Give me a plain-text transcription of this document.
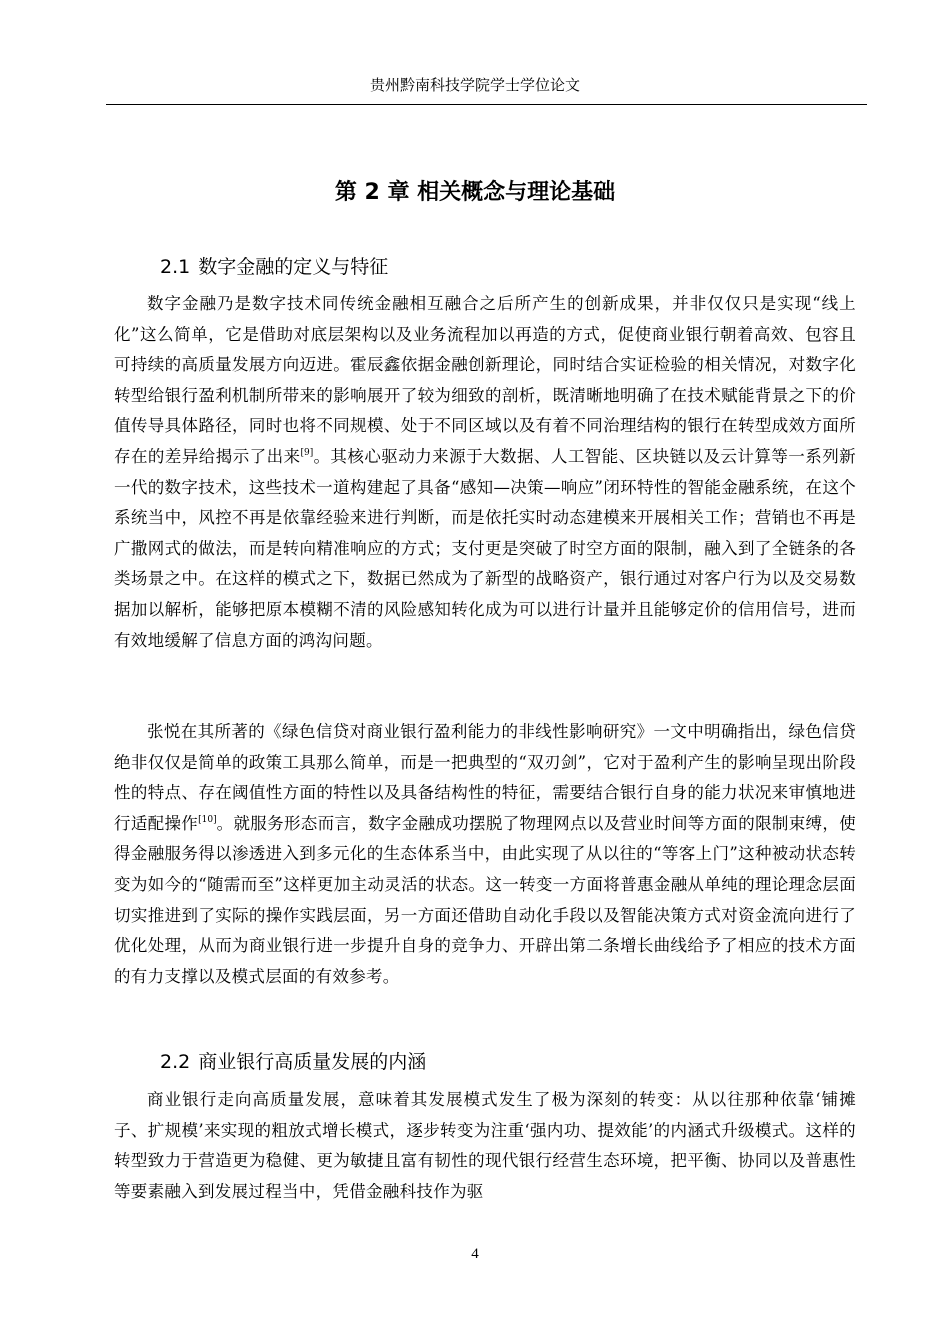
贵州黔南科技学院学士学位论文
第 2 章 相关概念与理论基础
2.1 数字金融的定义与特征

数字金融乃是数字技术同传统金融相互融合之后所产生的创新成果，并非仅仅只是实现“线上化”这么简单，它是借助对底层架构以及业务流程加以再造的方式，促使商业银行朝着高效、包容且可持续的高质量发展方向迈进。霍辰鑫依据金融创新理论，同时结合实证检验的相关情况，对数字化转型给银行盈利机制所带来的影响展开了较为细致的剖析，既清晰地明确了在技术赋能背景之下的价值传导具体路径，同时也将不同规模、处于不同区域以及有着不同治理结构的银行在转型成效方面所存在的差异给揭示了出来[9]。其核心驱动力来源于大数据、人工智能、区块链以及云计算等一系列新一代的数字技术，这些技术一道构建起了具备“感知—决策—响应”闭环特性的智能金融系统，在这个系统当中，风控不再是依靠经验来进行判断，而是依托实时动态建模来开展相关工作；营销也不再是广撒网式的做法，而是转向精准响应的方式；支付更是突破了时空方面的限制，融入到了全链条的各类场景之中。在这样的模式之下，数据已然成为了新型的战略资产，银行通过对客户行为以及交易数据加以解析，能够把原本模糊不清的风险感知转化成为可以进行计量并且能够定价的信用信号，进而有效地缓解了信息方面的鸿沟问题。

张悦在其所著的《绿色信贷对商业银行盈利能力的非线性影响研究》一文中明确指出，绿色信贷绝非仅仅是简单的政策工具那么简单，而是一把典型的“双刃剑”，它对于盈利产生的影响呈现出阶段性的特点、存在阈值性方面的特性以及具备结构性的特征，需要结合银行自身的能力状况来审慎地进行适配操作[10]。就服务形态而言，数字金融成功摆脱了物理网点以及营业时间等方面的限制束缚，使得金融服务得以渗透进入到多元化的生态体系当中，由此实现了从以往的“等客上门”这种被动状态转变为如今的“随需而至”这样更加主动灵活的状态。这一转变一方面将普惠金融从单纯的理论理念层面切实推进到了实际的操作实践层面，另一方面还借助自动化手段以及智能决策方式对资金流向进行了优化处理，从而为商业银行进一步提升自身的竞争力、开辟出第二条增长曲线给予了相应的技术方面的有力支撑以及模式层面的有效参考。

2.2 商业银行高质量发展的内涵

商业银行走向高质量发展，意味着其发展模式发生了极为深刻的转变：从以往那种依靠‘铺摊子、扩规模’来实现的粗放式增长模式，逐步转变为注重‘强内功、提效能’的内涵式升级模式。这样的转型致力于营造更为稳健、更为敏捷且富有韧性的现代银行经营生态环境，把平衡、协同以及普惠性等要素融入到发展过程当中，凭借金融科技作为驱

4
